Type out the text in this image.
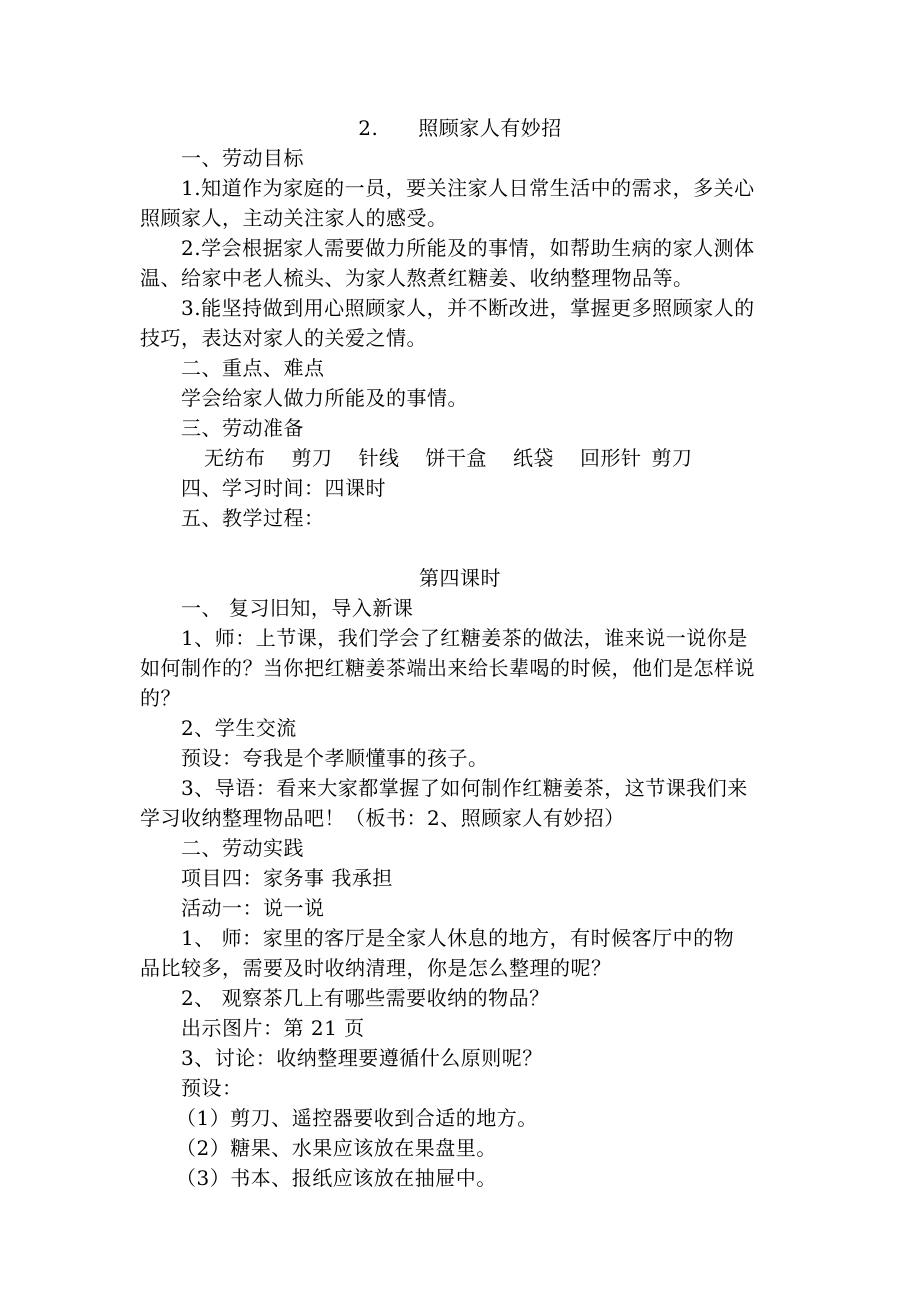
2. 照顾家人有妙招
一、劳动目标
1.知道作为家庭的一员，要关注家人日常生活中的需求，多关心
照顾家人，主动关注家人的感受。
2.学会根据家人需要做力所能及的事情，如帮助生病的家人测体
温、给家中老人梳头、为家人熬煮红糖姜、收纳整理物品等。
3.能坚持做到用心照顾家人，并不断改进，掌握更多照顾家人的
技巧，表达对家人的关爱之情。
二、重点、难点
学会给家人做力所能及的事情。
三、劳动准备
无纺布 剪刀 针线 饼干盒 纸袋 回形针 剪刀
四、学习时间：四课时
五、教学过程：
第四课时
一、 复习旧知，导入新课
1、师：上节课，我们学会了红糖姜茶的做法，谁来说一说你是
如何制作的？当你把红糖姜茶端出来给长辈喝的时候，他们是怎样说
的？
2、学生交流
预设：夸我是个孝顺懂事的孩子。
3、导语：看来大家都掌握了如何制作红糖姜茶，这节课我们来
学习收纳整理物品吧！（板书：2、照顾家人有妙招）
二、劳动实践
项目四：家务事 我承担
活动一：说一说
1、 师：家里的客厅是全家人休息的地方，有时候客厅中的物
品比较多，需要及时收纳清理，你是怎么整理的呢？
2、 观察茶几上有哪些需要收纳的物品？
出示图片：第 21 页
3、讨论：收纳整理要遵循什么原则呢？
预设：
（1）剪刀、遥控器要收到合适的地方。
（2）糖果、水果应该放在果盘里。
（3）书本、报纸应该放在抽屉中。
